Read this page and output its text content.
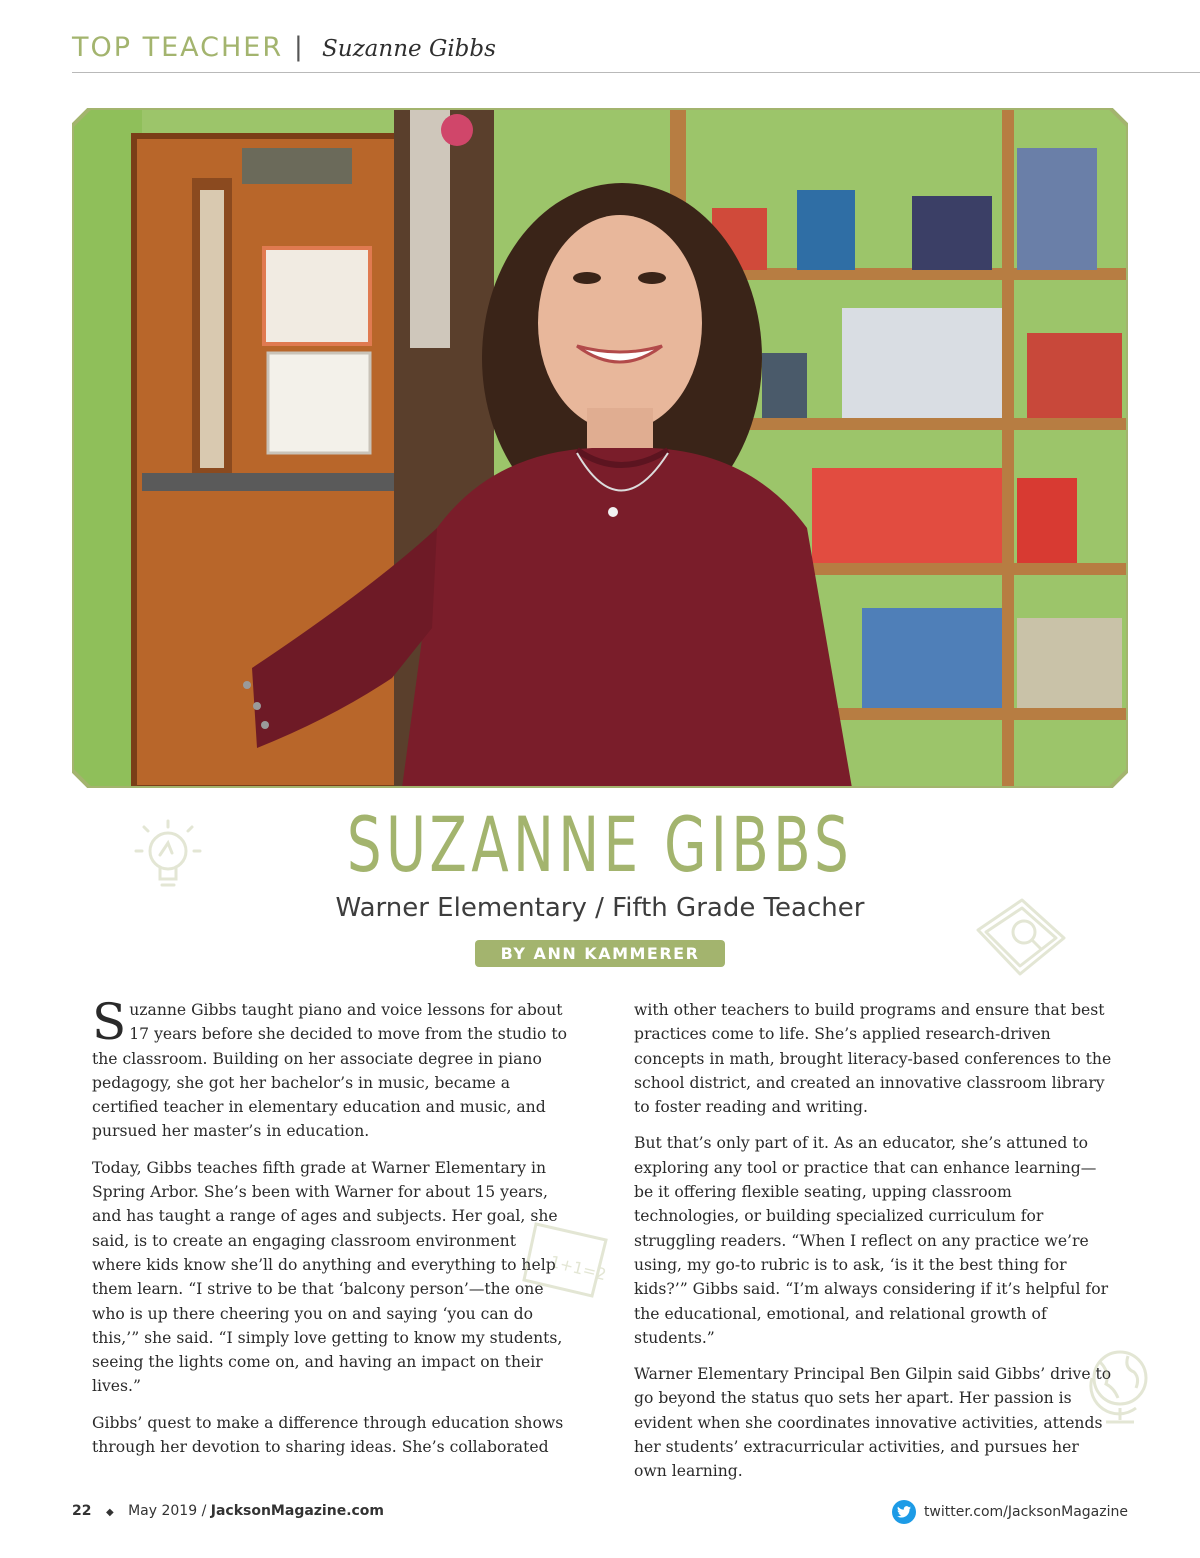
TOP TEACHER | Suzanne Gibbs
1+1=2
SUZANNE GIBBS
Warner Elementary / Fifth Grade Teacher
BY ANN KAMMERER

Suzanne Gibbs taught piano and voice lessons for about 17 years before she decided to move from the studio to the classroom. Building on her associate degree in piano pedagogy, she got her bachelor’s in music, became a certified teacher in elementary education and music, and pursued her master’s in education.

Today, Gibbs teaches fifth grade at Warner Elementary in Spring Arbor. She’s been with Warner for about 15 years, and has taught a range of ages and subjects. Her goal, she said, is to create an engaging classroom environment where kids know she’ll do anything and everything to help them learn. “I strive to be that ‘balcony person’—the one who is up there cheering you on and saying ‘you can do this,’” she said. “I simply love getting to know my students, seeing the lights come on, and having an impact on their lives.”

Gibbs’ quest to make a difference through education shows through her devotion to sharing ideas. She’s collaborated

with other teachers to build programs and ensure that best practices come to life. She’s applied research-driven concepts in math, brought literacy-based conferences to the school district, and created an innovative classroom library to foster reading and writing.

But that’s only part of it. As an educator, she’s attuned to exploring any tool or practice that can enhance learning—be it offering flexible seating, upping classroom technologies, or building specialized curriculum for struggling readers. “When I reflect on any practice we’re using, my go-to rubric is to ask, ‘is it the best thing for kids?’” Gibbs said. “I’m always considering if it’s helpful for the educational, emotional, and relational growth of students.”

Warner Elementary Principal Ben Gilpin said Gibbs’ drive to go beyond the status quo sets her apart. Her passion is evident when she coordinates innovative activities, attends her students’ extracurricular activities, and pursues her own learning.

22 ◆ May 2019 / JacksonMagazine.com	twitter.com/JacksonMagazine
